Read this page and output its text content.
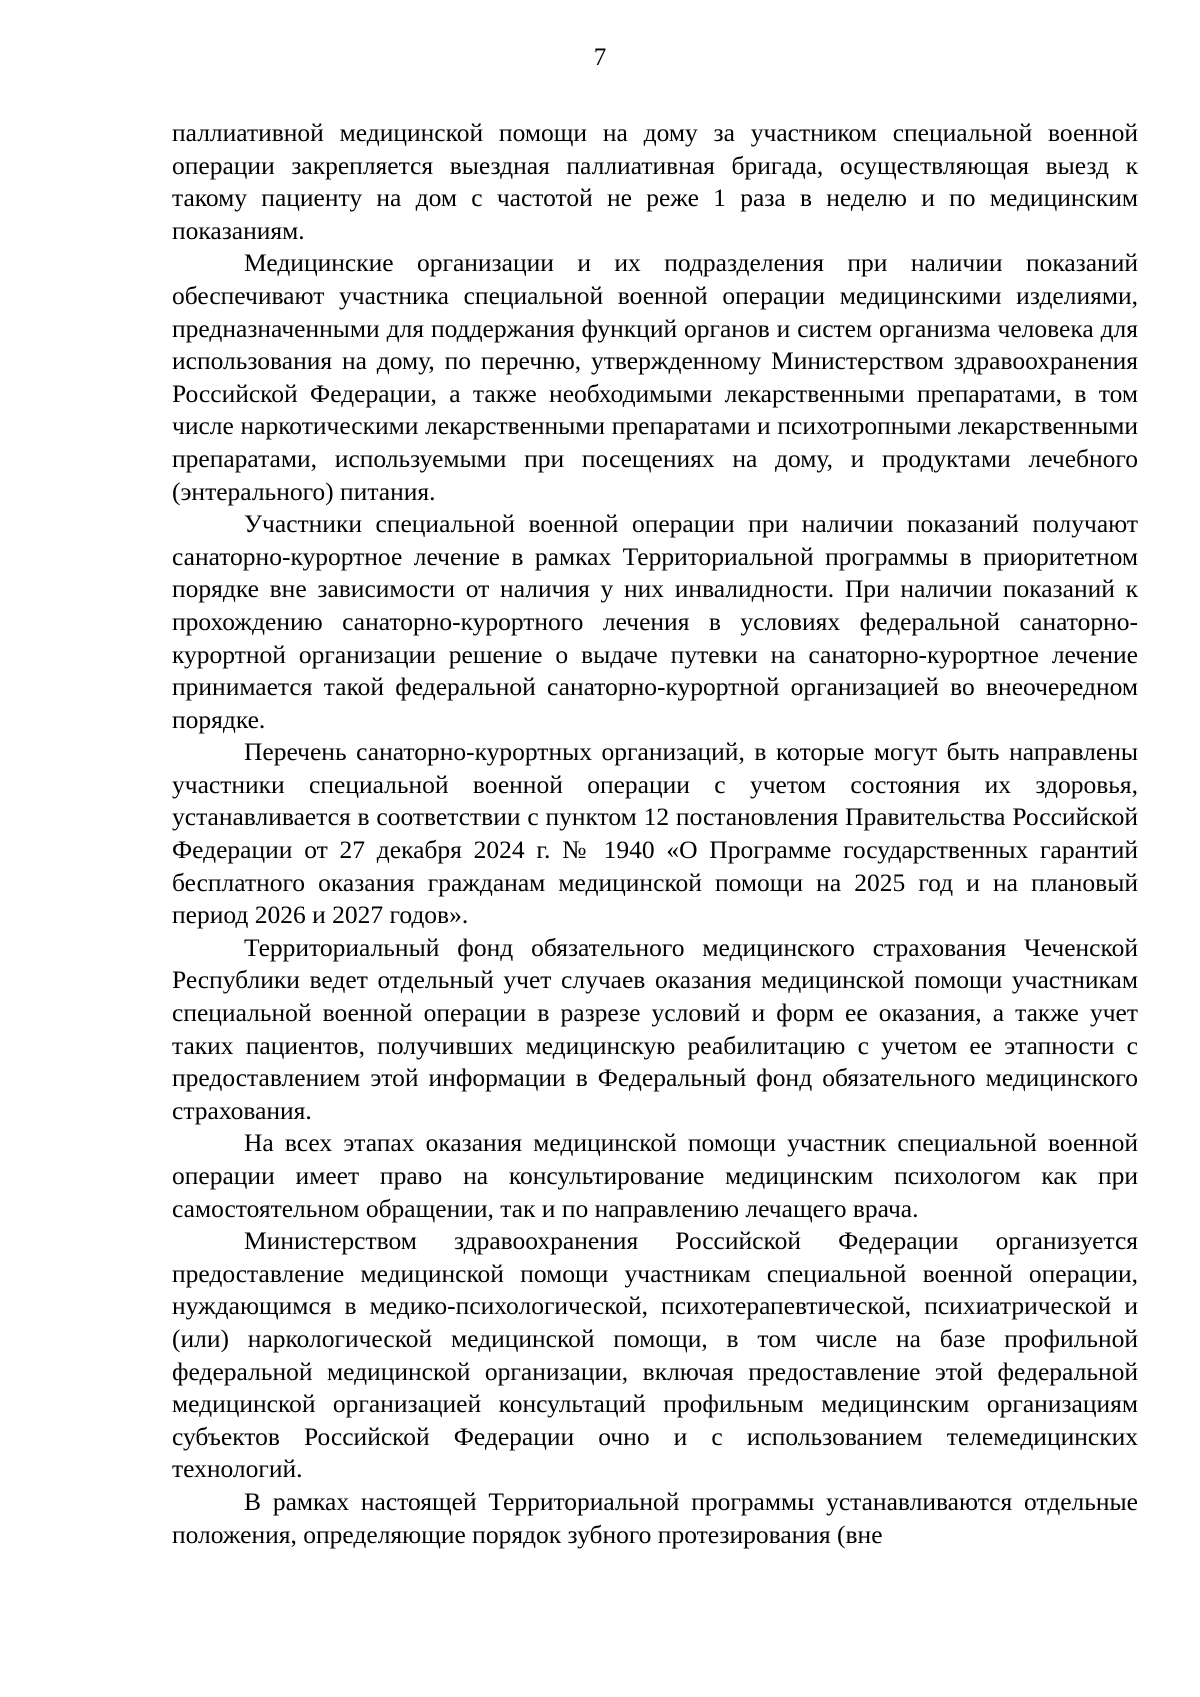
7

паллиативной медицинской помощи на дому за участником специальной военной операции закрепляется выездная паллиативная бригада, осуществляющая выезд к такому пациенту на дом с частотой не реже 1 раза в неделю и по медицинским показаниям.

Медицинские организации и их подразделения при наличии показаний обеспечивают участника специальной военной операции медицинскими изделиями, предназначенными для поддержания функций органов и систем организма человека для использования на дому, по перечню, утвержденному Министерством здравоохранения Российской Федерации, а также необходимыми лекарственными препаратами, в том числе наркотическими лекарственными препаратами и психотропными лекарственными препаратами, используемыми при посещениях на дому, и продуктами лечебного (энтерального) питания.

Участники специальной военной операции при наличии показаний получают санаторно-курортное лечение в рамках Территориальной программы в приоритетном порядке вне зависимости от наличия у них инвалидности. При наличии показаний к прохождению санаторно-курортного лечения в условиях федеральной санаторно-курортной организации решение о выдаче путевки на санаторно-курортное лечение принимается такой федеральной санаторно-курортной организацией во внеочередном порядке.

Перечень санаторно-курортных организаций, в которые могут быть направлены участники специальной военной операции с учетом состояния их здоровья, устанавливается в соответствии с пунктом 12 постановления Правительства Российской Федерации от 27 декабря 2024 г. № 1940 «О Программе государственных гарантий бесплатного оказания гражданам медицинской помощи на 2025 год и на плановый период 2026 и 2027 годов».

Территориальный фонд обязательного медицинского страхования Чеченской Республики ведет отдельный учет случаев оказания медицинской помощи участникам специальной военной операции в разрезе условий и форм ее оказания, а также учет таких пациентов, получивших медицинскую реабилитацию с учетом ее этапности с предоставлением этой информации в Федеральный фонд обязательного медицинского страхования.

На всех этапах оказания медицинской помощи участник специальной военной операции имеет право на консультирование медицинским психологом как при самостоятельном обращении, так и по направлению лечащего врача.

Министерством здравоохранения Российской Федерации организуется предоставление медицинской помощи участникам специальной военной операции, нуждающимся в медико-психологической, психотерапевтической, психиатрической и (или) наркологической медицинской помощи, в том числе на базе профильной федеральной медицинской организации, включая предоставление этой федеральной медицинской организацией консультаций профильным медицинским организациям субъектов Российской Федерации очно и с использованием телемедицинских технологий.

В рамках настоящей Территориальной программы устанавливаются отдельные положения, определяющие порядок зубного протезирования (вне
